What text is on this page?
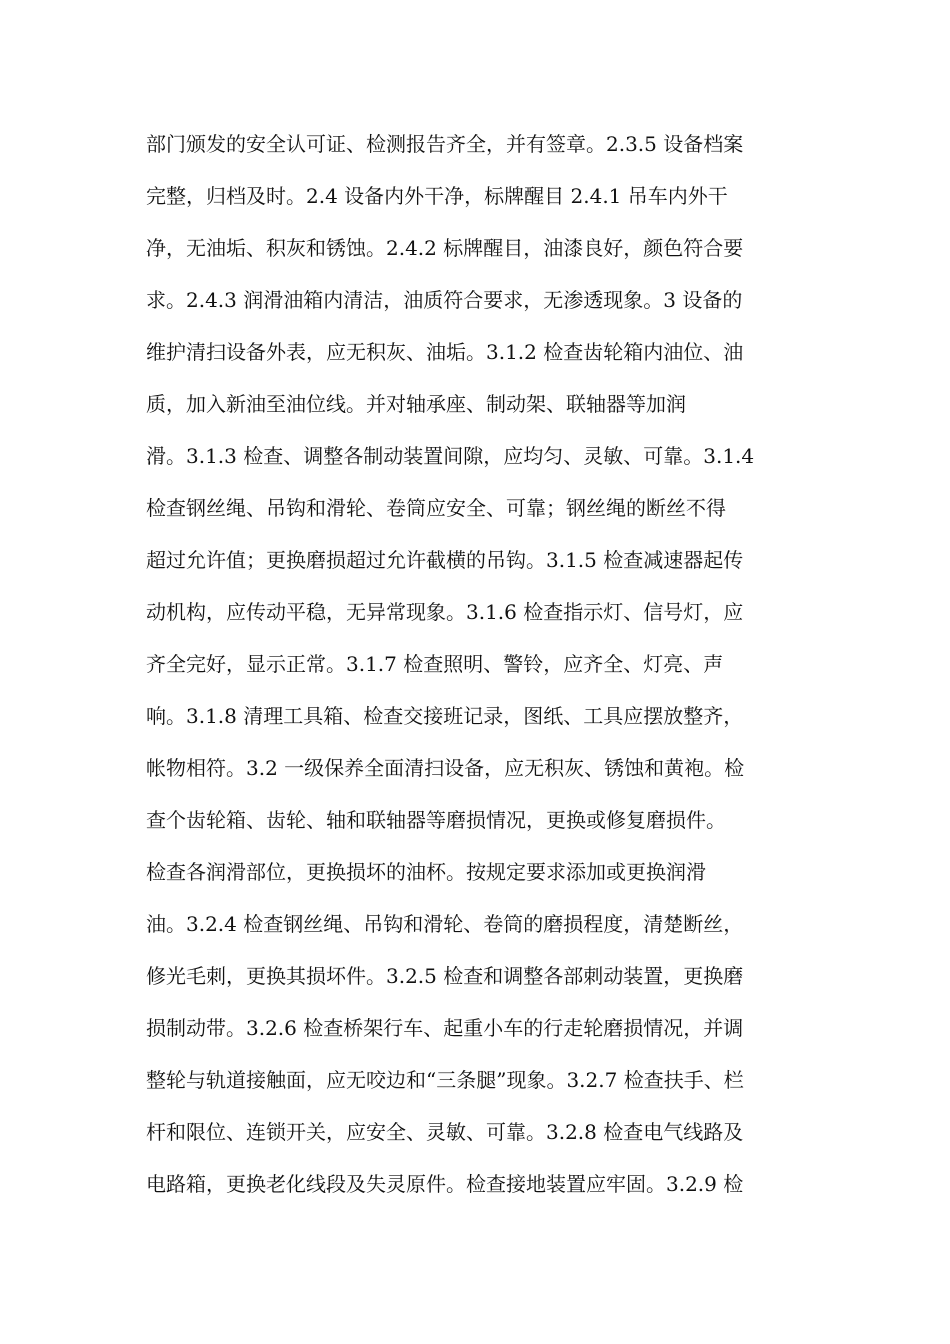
部门颁发的安全认可证、检测报告齐全，并有签章。2.3.5 设备档案
完整，归档及时。2.4 设备内外干净，标牌醒目 2.4.1 吊车内外干
净，无油垢、积灰和锈蚀。2.4.2 标牌醒目，油漆良好，颜色符合要
求。2.4.3 润滑油箱内清洁，油质符合要求，无渗透现象。3 设备的
维护清扫设备外表，应无积灰、油垢。3.1.2 检查齿轮箱内油位、油
质，加入新油至油位线。并对轴承座、制动架、联轴器等加润
滑。3.1.3 检查、调整各制动装置间隙，应均匀、灵敏、可靠。3.1.4
检查钢丝绳、吊钩和滑轮、卷筒应安全、可靠；钢丝绳的断丝不得
超过允许值；更换磨损超过允许截横的吊钩。3.1.5 检查减速器起传
动机构，应传动平稳，无异常现象。3.1.6 检查指示灯、信号灯，应
齐全完好，显示正常。3.1.7 检查照明、警铃，应齐全、灯亮、声
响。3.1.8 清理工具箱、检查交接班记录，图纸、工具应摆放整齐，
帐物相符。3.2 一级保养全面清扫设备，应无积灰、锈蚀和黄袍。检
查个齿轮箱、齿轮、轴和联轴器等磨损情况，更换或修复磨损件。
检查各润滑部位，更换损坏的油杯。按规定要求添加或更换润滑
油。3.2.4 检查钢丝绳、吊钩和滑轮、卷筒的磨损程度，清楚断丝，
修光毛刺，更换其损坏件。3.2.5 检查和调整各部刺动装置，更换磨
损制动带。3.2.6 检查桥架行车、起重小车的行走轮磨损情况，并调
整轮与轨道接触面，应无咬边和“三条腿”现象。3.2.7 检查扶手、栏
杆和限位、连锁开关，应安全、灵敏、可靠。3.2.8 检查电气线路及
电路箱，更换老化线段及失灵原件。检查接地装置应牢固。3.2.9 检
